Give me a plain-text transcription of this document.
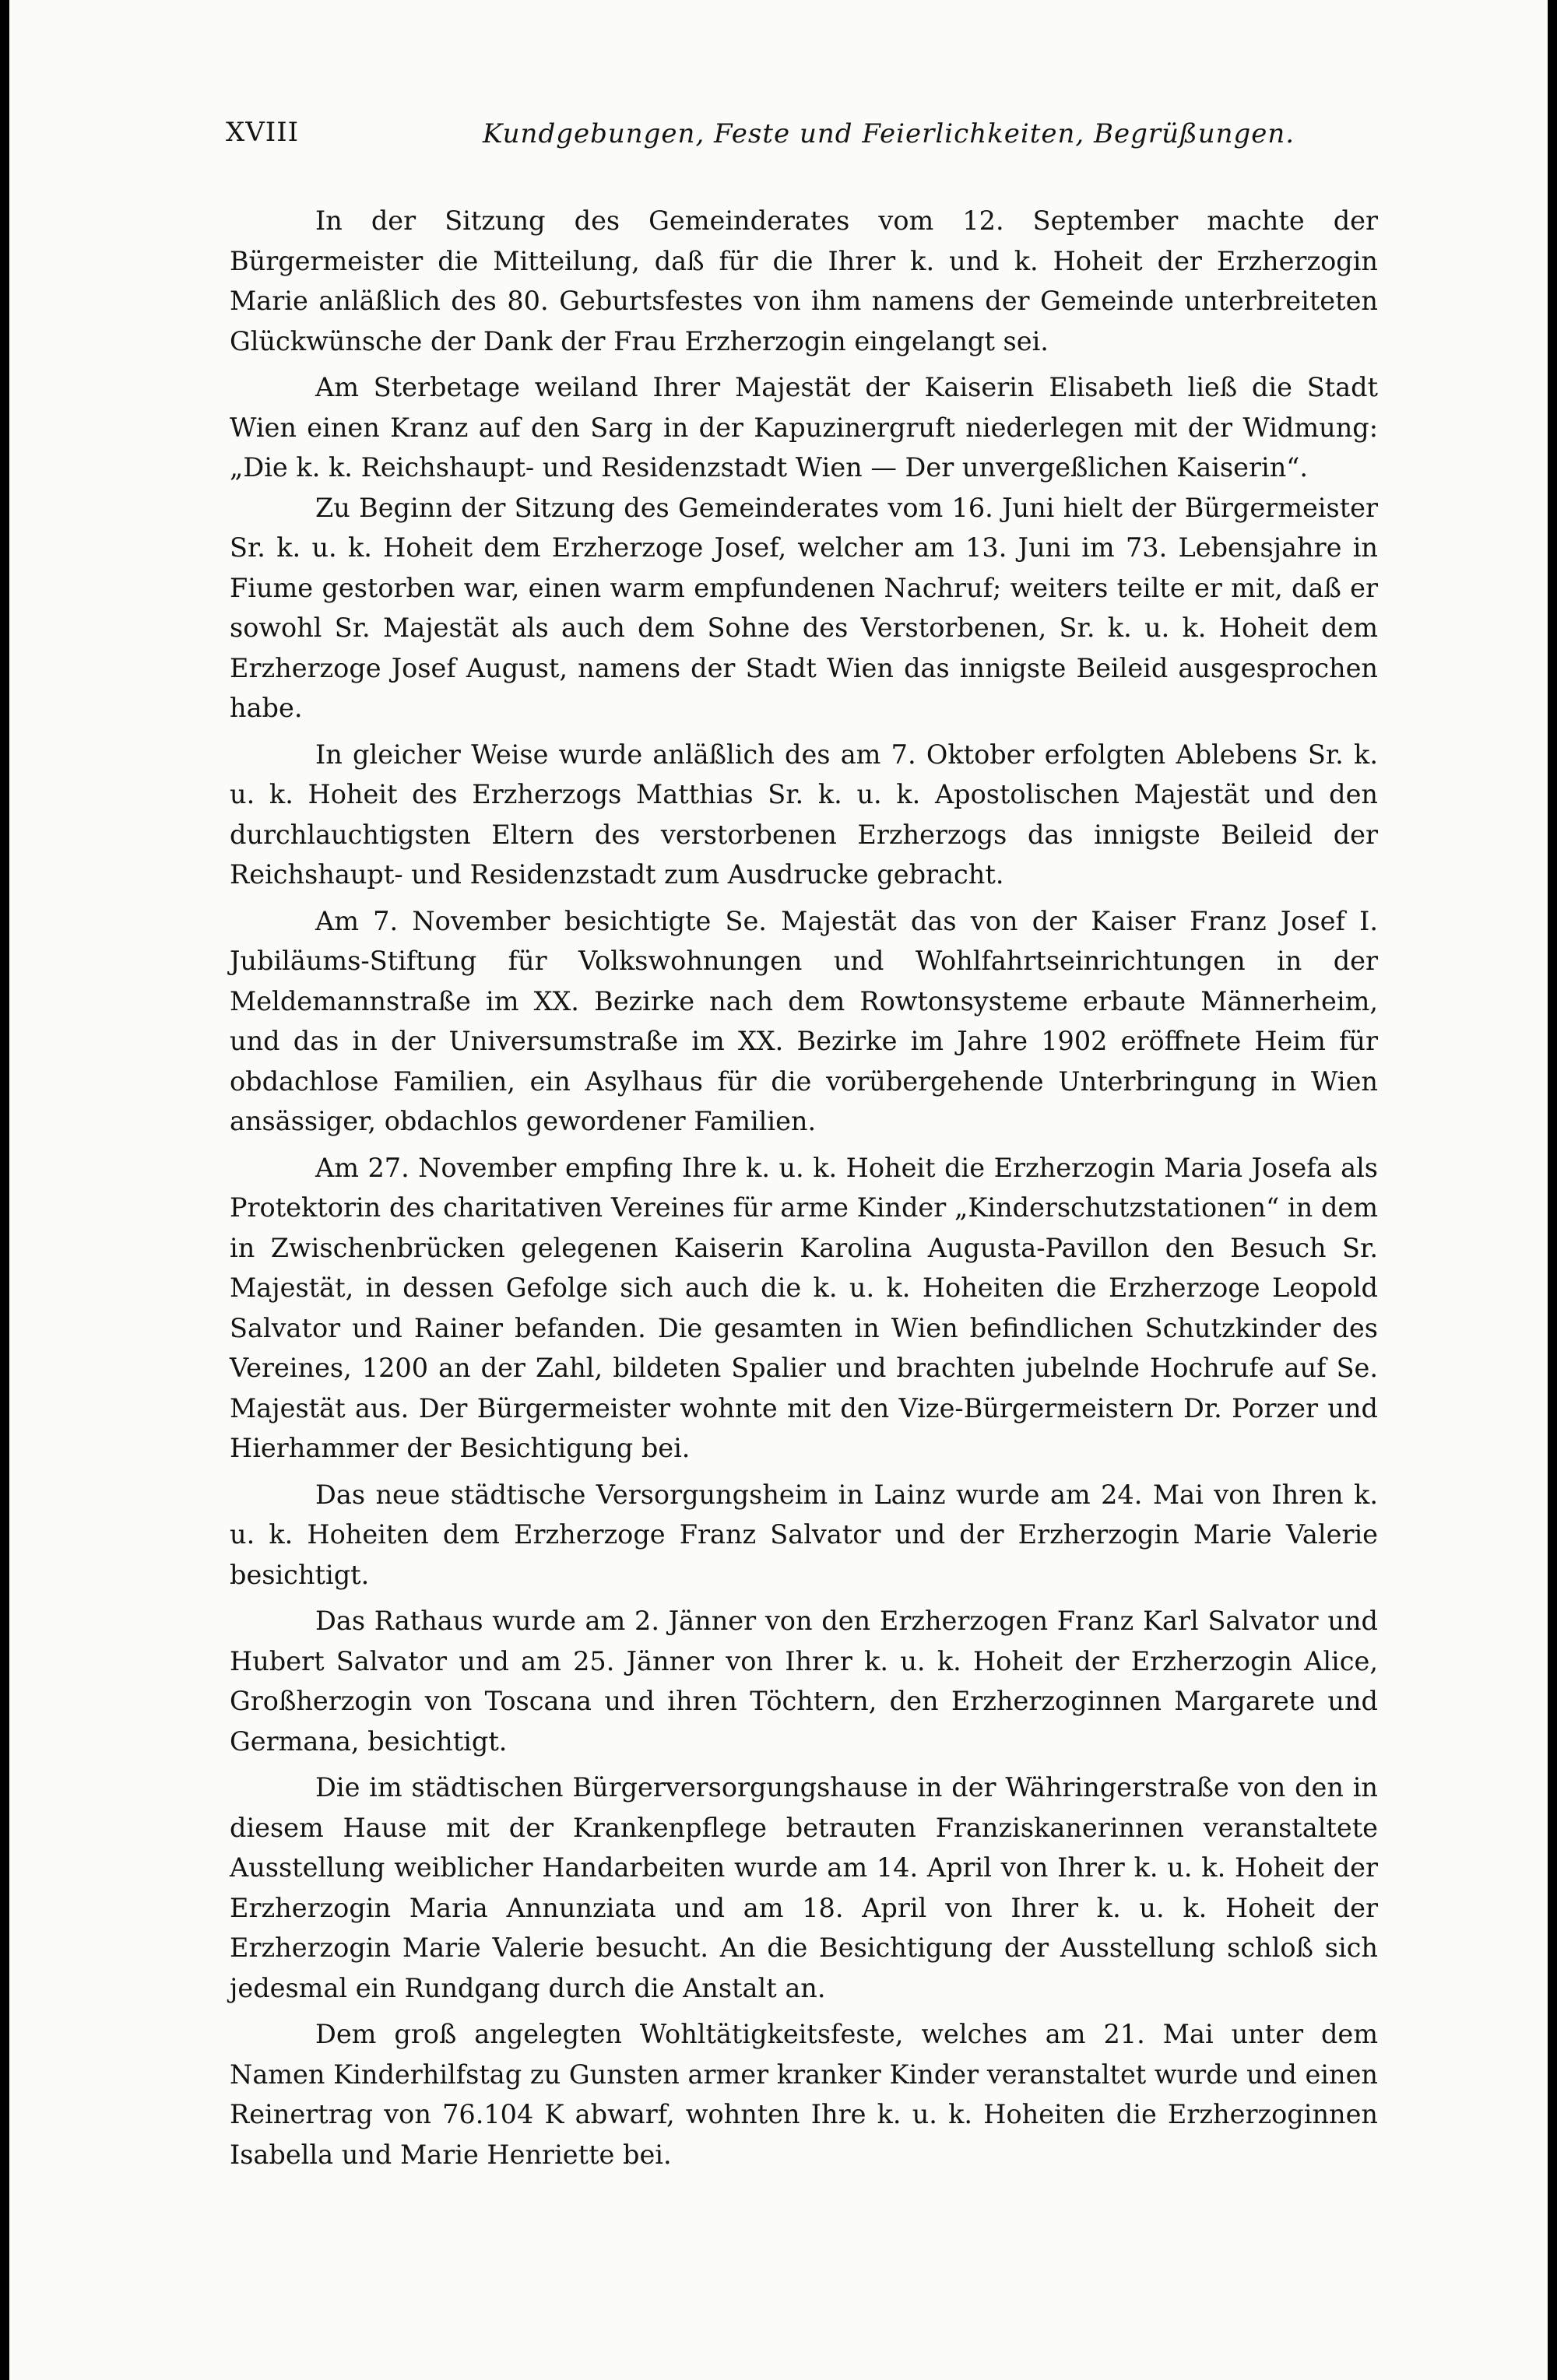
XVIII	Kundgebungen, Feste und Feierlichkeiten, Begrüßungen.

In der Sitzung des Gemeinderates vom 12. September machte der Bürgermeister die Mitteilung, daß für die Ihrer k. und k. Hoheit der Erzherzogin Marie anläßlich des 80. Geburtsfestes von ihm namens der Gemeinde unterbreiteten Glückwünsche der Dank der Frau Erzherzogin eingelangt sei.

Am Sterbetage weiland Ihrer Majestät der Kaiserin Elisabeth ließ die Stadt Wien einen Kranz auf den Sarg in der Kapuzinergruft niederlegen mit der Widmung: „Die k. k. Reichshaupt- und Residenzstadt Wien — Der unvergeßlichen Kaiserin“.

Zu Beginn der Sitzung des Gemeinderates vom 16. Juni hielt der Bürgermeister Sr. k. u. k. Hoheit dem Erzherzoge Josef, welcher am 13. Juni im 73. Lebensjahre in Fiume gestorben war, einen warm empfundenen Nachruf; weiters teilte er mit, daß er sowohl Sr. Majestät als auch dem Sohne des Verstorbenen, Sr. k. u. k. Hoheit dem Erzherzoge Josef August, namens der Stadt Wien das innigste Beileid ausgesprochen habe.

In gleicher Weise wurde anläßlich des am 7. Oktober erfolgten Ablebens Sr. k. u. k. Hoheit des Erzherzogs Matthias Sr. k. u. k. Apostolischen Majestät und den durchlauchtigsten Eltern des verstorbenen Erzherzogs das innigste Beileid der Reichshaupt- und Residenzstadt zum Ausdrucke gebracht.

Am 7. November besichtigte Se. Majestät das von der Kaiser Franz Josef I. Jubiläums-Stiftung für Volkswohnungen und Wohlfahrtseinrichtungen in der Meldemannstraße im XX. Bezirke nach dem Rowtonsysteme erbaute Männerheim, und das in der Universumstraße im XX. Bezirke im Jahre 1902 eröffnete Heim für obdachlose Familien, ein Asylhaus für die vorübergehende Unterbringung in Wien ansässiger, obdachlos gewordener Familien.

Am 27. November empfing Ihre k. u. k. Hoheit die Erzherzogin Maria Josefa als Protektorin des charitativen Vereines für arme Kinder „Kinderschutzstationen“ in dem in Zwischenbrücken gelegenen Kaiserin Karolina Augusta-Pavillon den Besuch Sr. Majestät, in dessen Gefolge sich auch die k. u. k. Hoheiten die Erzherzoge Leopold Salvator und Rainer befanden. Die gesamten in Wien befindlichen Schutzkinder des Vereines, 1200 an der Zahl, bildeten Spalier und brachten jubelnde Hochrufe auf Se. Majestät aus. Der Bürgermeister wohnte mit den Vize-Bürgermeistern Dr. Porzer und Hierhammer der Besichtigung bei.

Das neue städtische Versorgungsheim in Lainz wurde am 24. Mai von Ihren k. u. k. Hoheiten dem Erzherzoge Franz Salvator und der Erzherzogin Marie Valerie besichtigt.

Das Rathaus wurde am 2. Jänner von den Erzherzogen Franz Karl Salvator und Hubert Salvator und am 25. Jänner von Ihrer k. u. k. Hoheit der Erzherzogin Alice, Großherzogin von Toscana und ihren Töchtern, den Erzherzoginnen Margarete und Germana, besichtigt.

Die im städtischen Bürgerversorgungshause in der Währingerstraße von den in diesem Hause mit der Krankenpflege betrauten Franziskanerinnen veranstaltete Ausstellung weiblicher Handarbeiten wurde am 14. April von Ihrer k. u. k. Hoheit der Erzherzogin Maria Annunziata und am 18. April von Ihrer k. u. k. Hoheit der Erzherzogin Marie Valerie besucht. An die Besichtigung der Ausstellung schloß sich jedesmal ein Rundgang durch die Anstalt an.

Dem groß angelegten Wohltätigkeitsfeste, welches am 21. Mai unter dem Namen Kinderhilfstag zu Gunsten armer kranker Kinder veranstaltet wurde und einen Reinertrag von 76.104 K abwarf, wohnten Ihre k. u. k. Hoheiten die Erzherzoginnen Isabella und Marie Henriette bei.
